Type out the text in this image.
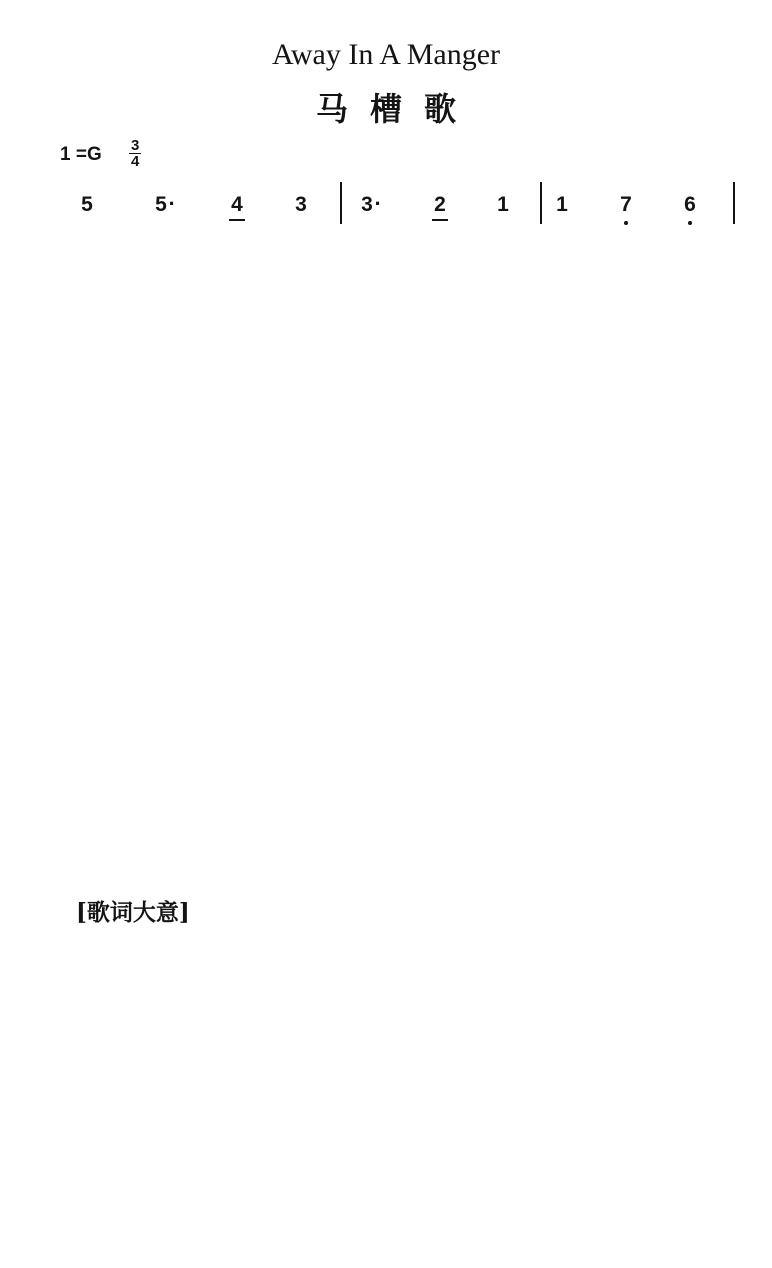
Away In A Manger
马槽歌
$1 =G \frac{3}{4}$
5	5 ·	4 3	3 ·	2 1 1 7 6
[歌词大意]
